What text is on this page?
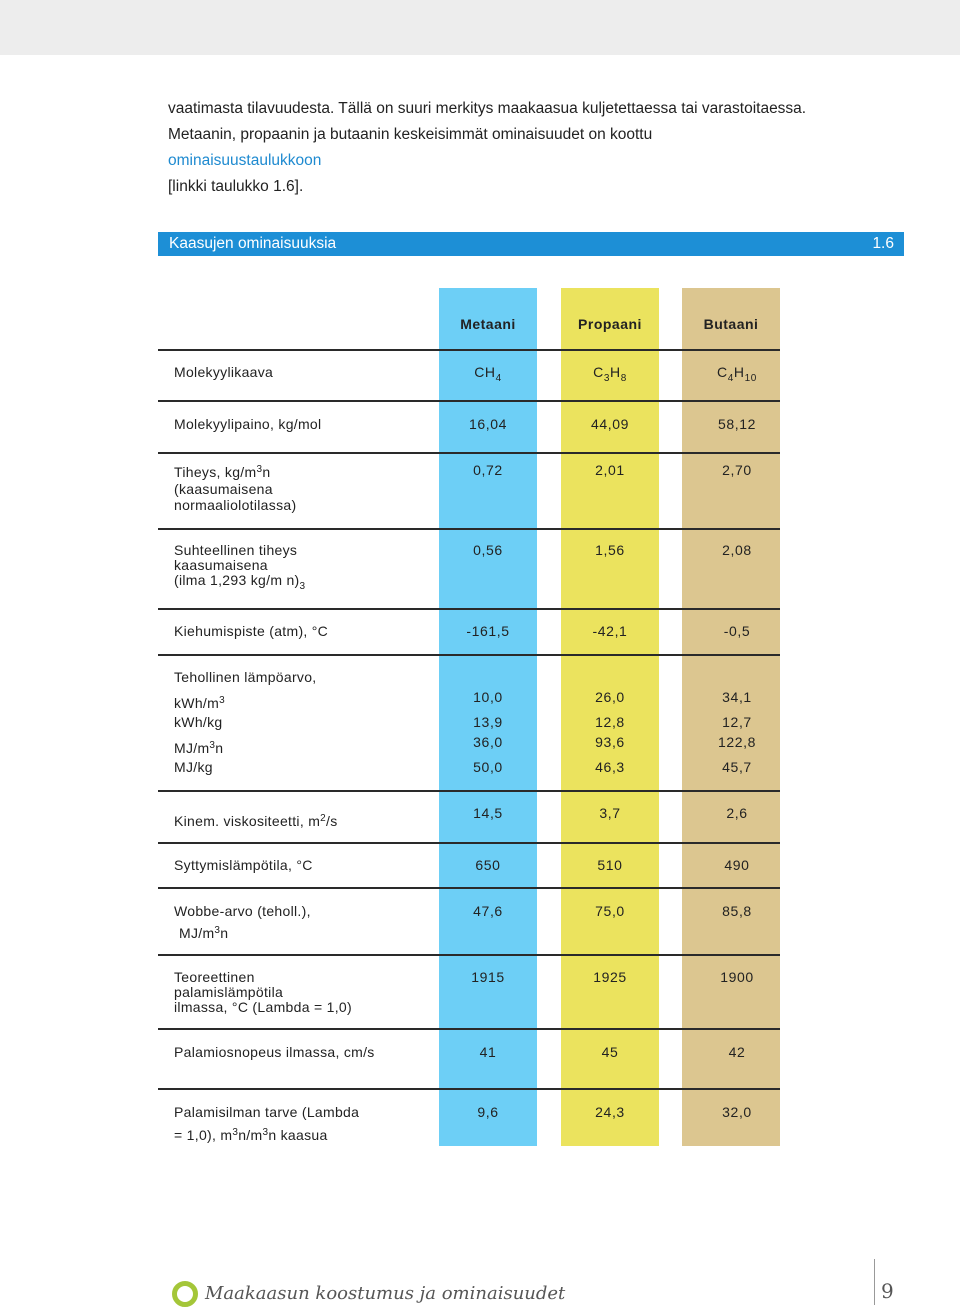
vaatimasta tilavuudesta. Tällä on suuri merkitys maakaasua kuljetettaessa tai varastoitaessa.
Metaanin, propaanin ja butaanin keskeisimmät ominaisuudet on koottu ominaisuustaulukkoon
[linkki taulukko 1.6].
Kaasujen ominaisuuksia	1.6
Metaani	Propaani	Butaani
Molekyylikaava	$CH_4$	$C_3H_8$	$C_4H_{10}$
Molekyylipaino, kg/mol	16,04	44,09	58,12
Tiheys, $kg/m^3n$
(kaasumaisena
normaaliolotilassa)
0,72	2,01	2,70
Suhteellinen tiheys
kaasumaisena
(ilma 1,293 kg/m $n)_3$
0,56	1,56	2,08
Kiehumispiste (atm), °C	-161,5	-42,1	-0,5
Tehollinen lämpöarvo,
kWh/$m^3$
kWh/kg
$MJ/m^3n$
MJ/kg
10,0	26,0	34,1
13,9	12,8	12,7
36,0	93,6	122,8
50,0	46,3	45,7
Kinem. viskositeetti, $m^2/s$	14,5	3,7	2,6
Syttymislämpötila, °C	650	510	490
Wobbe-arvo (teholl.),
$MJ/m^3n$
47,6	75,0	85,8
Teoreettinen
palamislämpötila
ilmassa, °C (Lambda = 1,0)
1915	1925	1900
Palamiosnopeus ilmassa, cm/s	41	45	42
Palamisilman tarve (Lambda
= 1,0), $m^3n/m^3n$ kaasua
9,6	24,3	32,0
Maakaasun koostumus ja ominaisuudet	9
